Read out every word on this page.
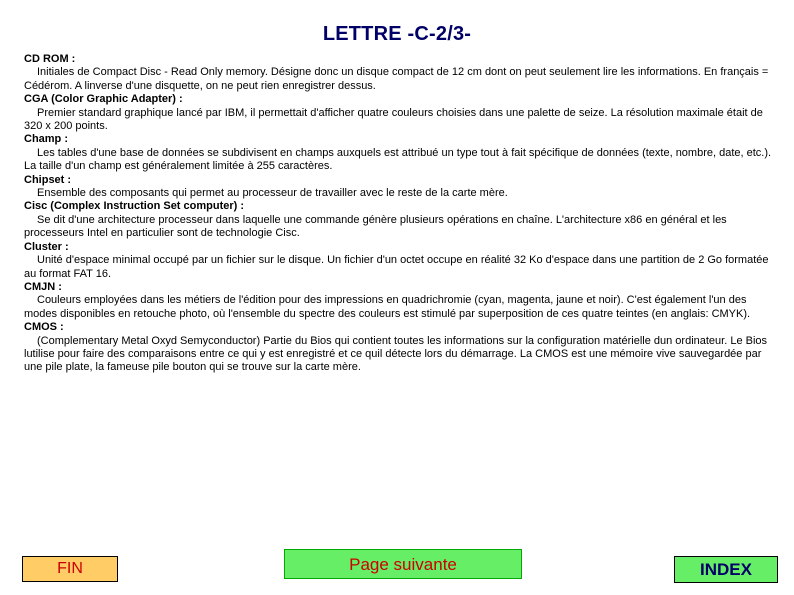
LETTRE -C-2/3-
CD ROM :
Initiales de Compact Disc - Read Only memory. Désigne donc un disque compact de 12 cm dont on peut seulement lire les informations. En français = Cédérom. A linverse d'une disquette, on ne peut rien enregistrer dessus.
CGA (Color Graphic Adapter) :
Premier standard graphique lancé par IBM, il permettait d'afficher quatre couleurs choisies dans une palette de seize. La résolution maximale était de 320 x 200 points.
Champ :
Les tables d'une base de données se subdivisent en champs auxquels est attribué un type tout à fait spécifique de données (texte, nombre, date, etc.). La taille d'un champ est généralement limitée à 255 caractères.
Chipset :
Ensemble des composants qui permet au processeur de travailler avec le reste de la carte mère.
Cisc (Complex Instruction Set computer) :
Se dit d'une architecture processeur dans laquelle une commande génère plusieurs opérations en chaîne. L'architecture x86 en général et les processeurs Intel en particulier sont de technologie Cisc.
Cluster :
Unité d'espace minimal occupé par un fichier sur le disque. Un fichier d'un octet occupe en réalité 32 Ko d'espace dans une partition de 2 Go formatée au format FAT 16.
CMJN :
Couleurs employées dans les métiers de l'édition pour des impressions en quadrichromie (cyan, magenta, jaune et noir). C'est également l'un des modes disponibles en retouche photo, où l'ensemble du spectre des couleurs est stimulé par superposition de ces quatre teintes (en anglais: CMYK).
CMOS :
(Complementary Metal Oxyd Semyconductor) Partie du Bios qui contient toutes les informations sur la configuration matérielle dun ordinateur. Le Bios lutilise pour faire des comparaisons entre ce qui y est enregistré et ce quil détecte lors du démarrage. La CMOS est une mémoire vive sauvegardée par une pile plate, la fameuse pile bouton qui se trouve sur la carte mère.
FIN	Page suivante	INDEX
